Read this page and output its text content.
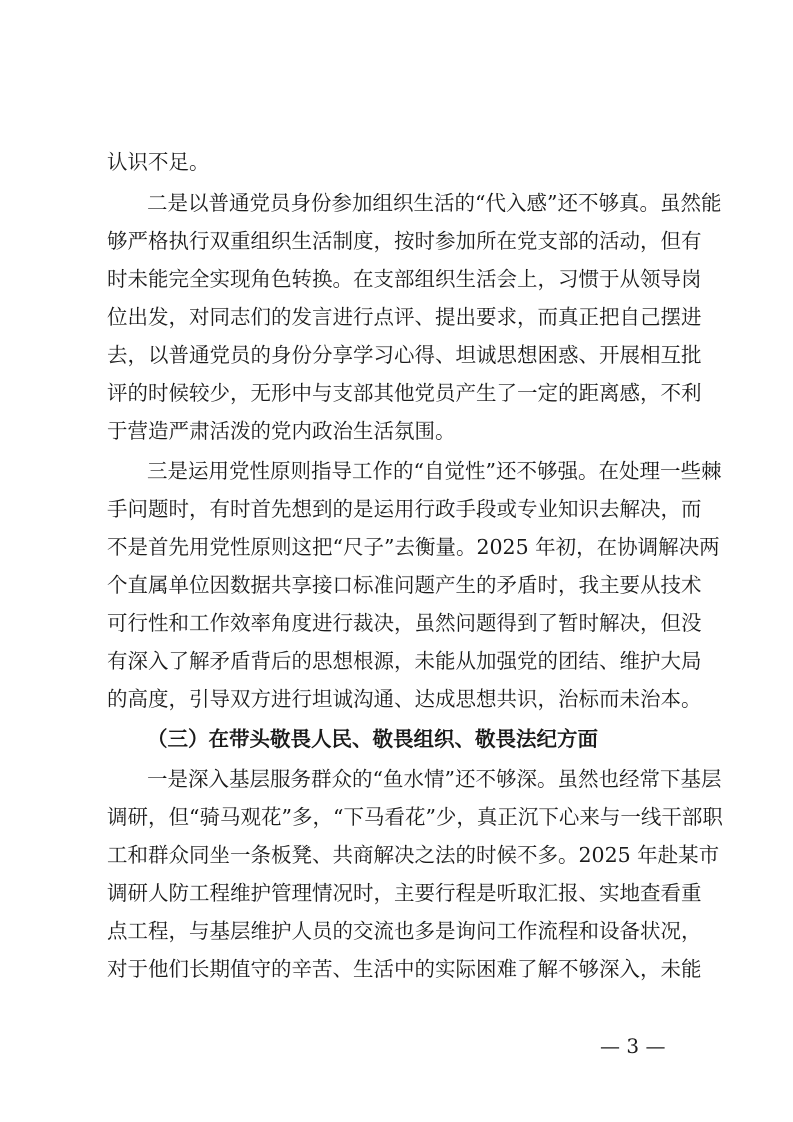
认识不足。
二是以普通党员身份参加组织生活的“代入感”还不够真。虽然能
够严格执行双重组织生活制度，按时参加所在党支部的活动，但有
时未能完全实现角色转换。在支部组织生活会上，习惯于从领导岗
位出发，对同志们的发言进行点评、提出要求，而真正把自己摆进
去，以普通党员的身份分享学习心得、坦诚思想困惑、开展相互批
评的时候较少，无形中与支部其他党员产生了一定的距离感，不利
于营造严肃活泼的党内政治生活氛围。
三是运用党性原则指导工作的“自觉性”还不够强。在处理一些棘
手问题时，有时首先想到的是运用行政手段或专业知识去解决，而
不是首先用党性原则这把“尺子”去衡量。2025 年初，在协调解决两
个直属单位因数据共享接口标准问题产生的矛盾时，我主要从技术
可行性和工作效率角度进行裁决，虽然问题得到了暂时解决，但没
有深入了解矛盾背后的思想根源，未能从加强党的团结、维护大局
的高度，引导双方进行坦诚沟通、达成思想共识，治标而未治本。
（三）在带头敬畏人民、敬畏组织、敬畏法纪方面
一是深入基层服务群众的“鱼水情”还不够深。虽然也经常下基层
调研，但“骑马观花”多，“下马看花”少，真正沉下心来与一线干部职
工和群众同坐一条板凳、共商解决之法的时候不多。2025 年赴某市
调研人防工程维护管理情况时，主要行程是听取汇报、实地查看重
点工程，与基层维护人员的交流也多是询问工作流程和设备状况，
对于他们长期值守的辛苦、生活中的实际困难了解不够深入，未能
— 3 —
